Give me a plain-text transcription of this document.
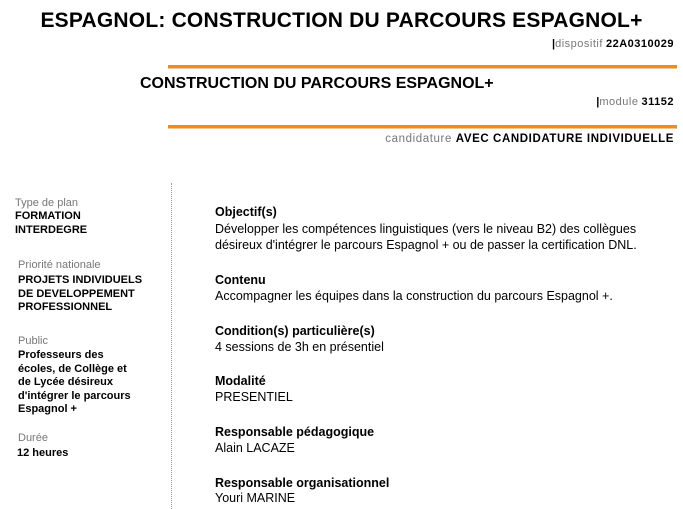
ESPAGNOL: CONSTRUCTION DU PARCOURS ESPAGNOL+
|dispositif 22A0310029
CONSTRUCTION DU PARCOURS ESPAGNOL+
|module 31152
candidature AVEC CANDIDATURE INDIVIDUELLE
Type de plan
FORMATION
INTERDEGRE
Priorité nationale
PROJETS INDIVIDUELS
DE DEVELOPPEMENT
PROFESSIONNEL
Public
Professeurs des
écoles, de Collège et
de Lycée désireux
d'intégrer le parcours
Espagnol +
Durée
12 heures
Objectif(s)
Développer les compétences linguistiques (vers le niveau B2) des collègues
désireux d'intégrer le parcours Espagnol + ou de passer la certification DNL.
Contenu
Accompagner les équipes dans la construction du parcours Espagnol +.
Condition(s) particulière(s)
4 sessions de 3h en présentiel
Modalité
PRESENTIEL
Responsable pédagogique
Alain LACAZE
Responsable organisationnel
Youri MARINE
